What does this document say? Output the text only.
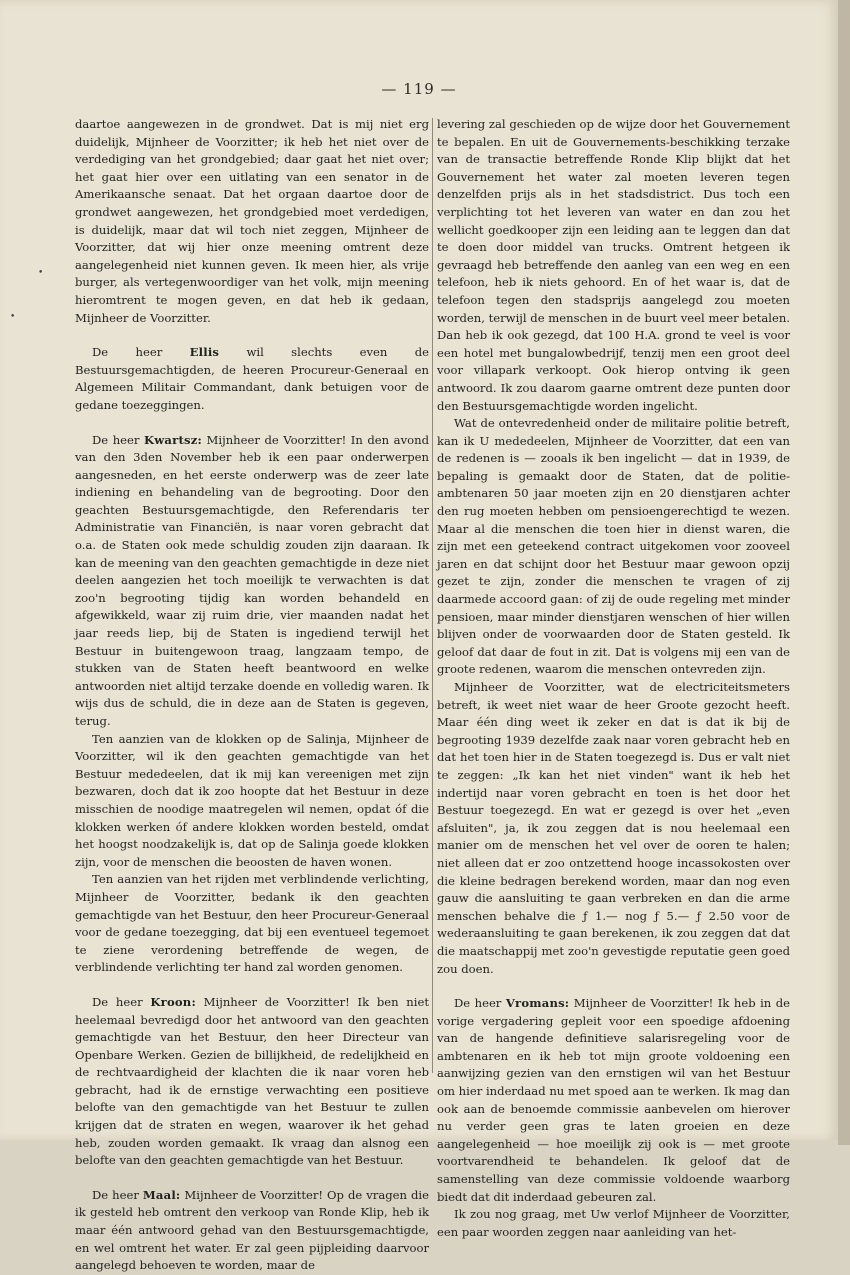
— 119 —

daartoe aangewezen in de grondwet. Dat is mij niet erg duidelijk, Mijnheer de Voorzitter; ik heb het niet over de verdediging van het grondgebied; daar gaat het niet over; het gaat hier over een uitlating van een senator in de Amerikaansche senaat. Dat het orgaan daartoe door de grondwet aangewezen, het grondgebied moet verdedigen, is duidelijk, maar dat wil toch niet zeggen, Mijnheer de Voorzitter, dat wij hier onze meening omtrent deze aangelegenheid niet kunnen geven. Ik meen hier, als vrije burger, als vertegenwoordiger van het volk, mijn meening hieromtrent te mogen geven, en dat heb ik gedaan, Mijnheer de Voorzitter.

De heer Ellis wil slechts even de Bestuursgemachtigden, de heeren Procureur-Generaal en Algemeen Militair Commandant, dank betuigen voor de gedane toezeggingen.

De heer Kwartsz: Mijnheer de Voorzitter! In den avond van den 3den November heb ik een paar onderwerpen aangesneden, en het eerste onderwerp was de zeer late indiening en behandeling van de begrooting. Door den geachten Bestuursgemachtigde, den Referendaris ter Administratie van Financiën, is naar voren gebracht dat o.a. de Staten ook mede schuldig zouden zijn daaraan. Ik kan de meening van den geachten gemachtigde in deze niet deelen aangezien het toch moeilijk te verwachten is dat zoo'n begrooting tijdig kan worden behandeld en afgewikkeld, waar zij ruim drie, vier maanden nadat het jaar reeds liep, bij de Staten is ingediend terwijl het Bestuur in buitengewoon traag, langzaam tempo, de stukken van de Staten heeft beantwoord en welke antwoorden niet altijd terzake doende en volledig waren. Ik wijs dus de schuld, die in deze aan de Staten is gegeven, terug.

Ten aanzien van de klokken op de Salinja, Mijnheer de Voorzitter, wil ik den geachten gemachtigde van het Bestuur mededeelen, dat ik mij kan vereenigen met zijn bezwaren, doch dat ik zoo hoopte dat het Bestuur in deze misschien de noodige maatregelen wil nemen, opdat óf die klokken werken óf andere klokken worden besteld, omdat het hoogst noodzakelijk is, dat op de Salinja goede klokken zijn, voor de menschen die beoosten de haven wonen.

Ten aanzien van het rijden met verblindende verlichting, Mijnheer de Voorzitter, bedank ik den geachten gemachtigde van het Bestuur, den heer Procureur-Generaal voor de gedane toezegging, dat bij een eventueel tegemoet te ziene verordening betreffende de wegen, de verblindende verlichting ter hand zal worden genomen.

De heer Kroon: Mijnheer de Voorzitter! Ik ben niet heelemaal bevredigd door het antwoord van den geachten gemachtigde van het Bestuur, den heer Directeur van Openbare Werken. Gezien de billijkheid, de redelijkheid en de rechtvaardigheid der klachten die ik naar voren heb gebracht, had ik de ernstige verwachting een positieve belofte van den gemachtigde van het Bestuur te zullen krijgen dat de straten en wegen, waarover ik het gehad heb, zouden worden gemaakt. Ik vraag dan alsnog een belofte van den geachten gemachtigde van het Bestuur.

De heer Maal: Mijnheer de Voorzitter! Op de vragen die ik gesteld heb omtrent den verkoop van Ronde Klip, heb ik maar één antwoord gehad van den Bestuursgemachtigde, en wel omtrent het water. Er zal geen pijpleiding daarvoor aangelegd behoeven te worden, maar de

levering zal geschieden op de wijze door het Gouvernement te bepalen. En uit de Gouvernements-beschikking terzake van de transactie betreffende Ronde Klip blijkt dat het Gouvernement het water zal moeten leveren tegen denzelfden prijs als in het stadsdistrict. Dus toch een verplichting tot het leveren van water en dan zou het wellicht goedkooper zijn een leiding aan te leggen dan dat te doen door middel van trucks. Omtrent hetgeen ik gevraagd heb betreffende den aanleg van een weg en een telefoon, heb ik niets gehoord. En of het waar is, dat de telefoon tegen den stadsprijs aangelegd zou moeten worden, terwijl de menschen in de buurt veel meer betalen. Dan heb ik ook gezegd, dat 100 H.A. grond te veel is voor een hotel met bungalowbedrijf, tenzij men een groot deel voor villapark verkoopt. Ook hierop ontving ik geen antwoord. Ik zou daarom gaarne omtrent deze punten door den Bestuursgemachtigde worden ingelicht.

Wat de ontevredenheid onder de militaire politie betreft, kan ik U mededeelen, Mijnheer de Voorzitter, dat een van de redenen is — zooals ik ben ingelicht — dat in 1939, de bepaling is gemaakt door de Staten, dat de politie-ambtenaren 50 jaar moeten zijn en 20 dienstjaren achter den rug moeten hebben om pensioengerechtigd te wezen. Maar al die menschen die toen hier in dienst waren, die zijn met een geteekend contract uitgekomen voor zooveel jaren en dat schijnt door het Bestuur maar gewoon opzij gezet te zijn, zonder die menschen te vragen of zij daarmede accoord gaan: of zij de oude regeling met minder pensioen, maar minder dienstjaren wenschen of hier willen blijven onder de voorwaarden door de Staten gesteld. Ik geloof dat daar de fout in zit. Dat is volgens mij een van de groote redenen, waarom die menschen ontevreden zijn.

Mijnheer de Voorzitter, wat de electriciteitsmeters betreft, ik weet niet waar de heer Groote gezocht heeft. Maar één ding weet ik zeker en dat is dat ik bij de begrooting 1939 dezelfde zaak naar voren gebracht heb en dat het toen hier in de Staten toegezegd is. Dus er valt niet te zeggen: „Ik kan het niet vinden" want ik heb het indertijd naar voren gebracht en toen is het door het Bestuur toegezegd. En wat er gezegd is over het „even afsluiten", ja, ik zou zeggen dat is nou heelemaal een manier om de menschen het vel over de ooren te halen; niet alleen dat er zoo ontzettend hooge incassokosten over die kleine bedragen berekend worden, maar dan nog even gauw die aansluiting te gaan verbreken en dan die arme menschen behalve die ƒ 1.— nog ƒ 5.— ƒ 2.50 voor de wederaansluiting te gaan berekenen, ik zou zeggen dat dat die maatschappij met zoo'n gevestigde reputatie geen goed zou doen.

De heer Vromans: Mijnheer de Voorzitter! Ik heb in de vorige vergadering gepleit voor een spoedige afdoening van de hangende definitieve salarisregeling voor de ambtenaren en ik heb tot mijn groote voldoening een aanwijzing gezien van den ernstigen wil van het Bestuur om hier inderdaad nu met spoed aan te werken. Ik mag dan ook aan de benoemde commissie aanbevelen om hierover nu verder geen gras te laten groeien en deze aangelegenheid — hoe moeilijk zij ook is — met groote voortvarendheid te behandelen. Ik geloof dat de samenstelling van deze commissie voldoende waarborg biedt dat dit inderdaad gebeuren zal.

Ik zou nog graag, met Uw verlof Mijnheer de Voorzitter, een paar woorden zeggen naar aanleiding van het-

•
•
